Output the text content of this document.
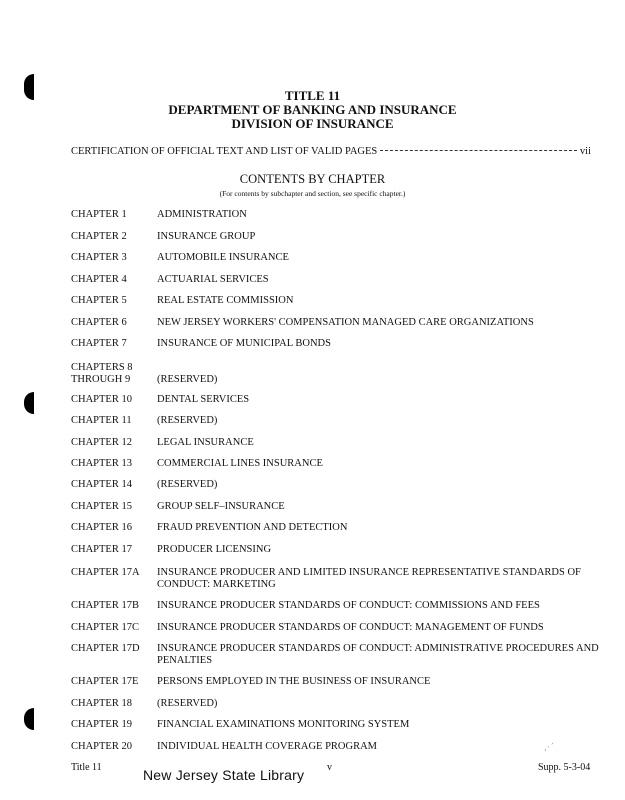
TITLE 11
DEPARTMENT OF BANKING AND INSURANCE
DIVISION OF INSURANCE
CERTIFICATION OF OFFICIAL TEXT AND LIST OF VALID PAGES	vii
CONTENTS BY CHAPTER
(For contents by subchapter and section, see specific chapter.)
CHAPTER 1	ADMINISTRATION
CHAPTER 2	INSURANCE GROUP
CHAPTER 3	AUTOMOBILE INSURANCE
CHAPTER 4	ACTUARIAL SERVICES
CHAPTER 5	REAL ESTATE COMMISSION
CHAPTER 6	NEW JERSEY WORKERS' COMPENSATION MANAGED CARE ORGANIZATIONS
CHAPTER 7	INSURANCE OF MUNICIPAL BONDS
CHAPTERS 8
THROUGH 9	(RESERVED)
CHAPTER 10	DENTAL SERVICES
CHAPTER 11	(RESERVED)
CHAPTER 12	LEGAL INSURANCE
CHAPTER 13	COMMERCIAL LINES INSURANCE
CHAPTER 14	(RESERVED)
CHAPTER 15	GROUP SELF–INSURANCE
CHAPTER 16	FRAUD PREVENTION AND DETECTION
CHAPTER 17	PRODUCER LICENSING
CHAPTER 17A	INSURANCE PRODUCER AND LIMITED INSURANCE REPRESENTATIVE STANDARDS OF CONDUCT: MARKETING
CHAPTER 17B	INSURANCE PRODUCER STANDARDS OF CONDUCT: COMMISSIONS AND FEES
CHAPTER 17C	INSURANCE PRODUCER STANDARDS OF CONDUCT: MANAGEMENT OF FUNDS
CHAPTER 17D	INSURANCE PRODUCER STANDARDS OF CONDUCT: ADMINISTRATIVE PROCEDURES AND PENALTIES
CHAPTER 17E	PERSONS EMPLOYED IN THE BUSINESS OF INSURANCE
CHAPTER 18	(RESERVED)
CHAPTER 19	FINANCIAL EXAMINATIONS MONITORING SYSTEM
CHAPTER 20	INDIVIDUAL HEALTH COVERAGE PROGRAM
Title 11	v	Supp. 5-3-04
New Jersey State Library
,·´
